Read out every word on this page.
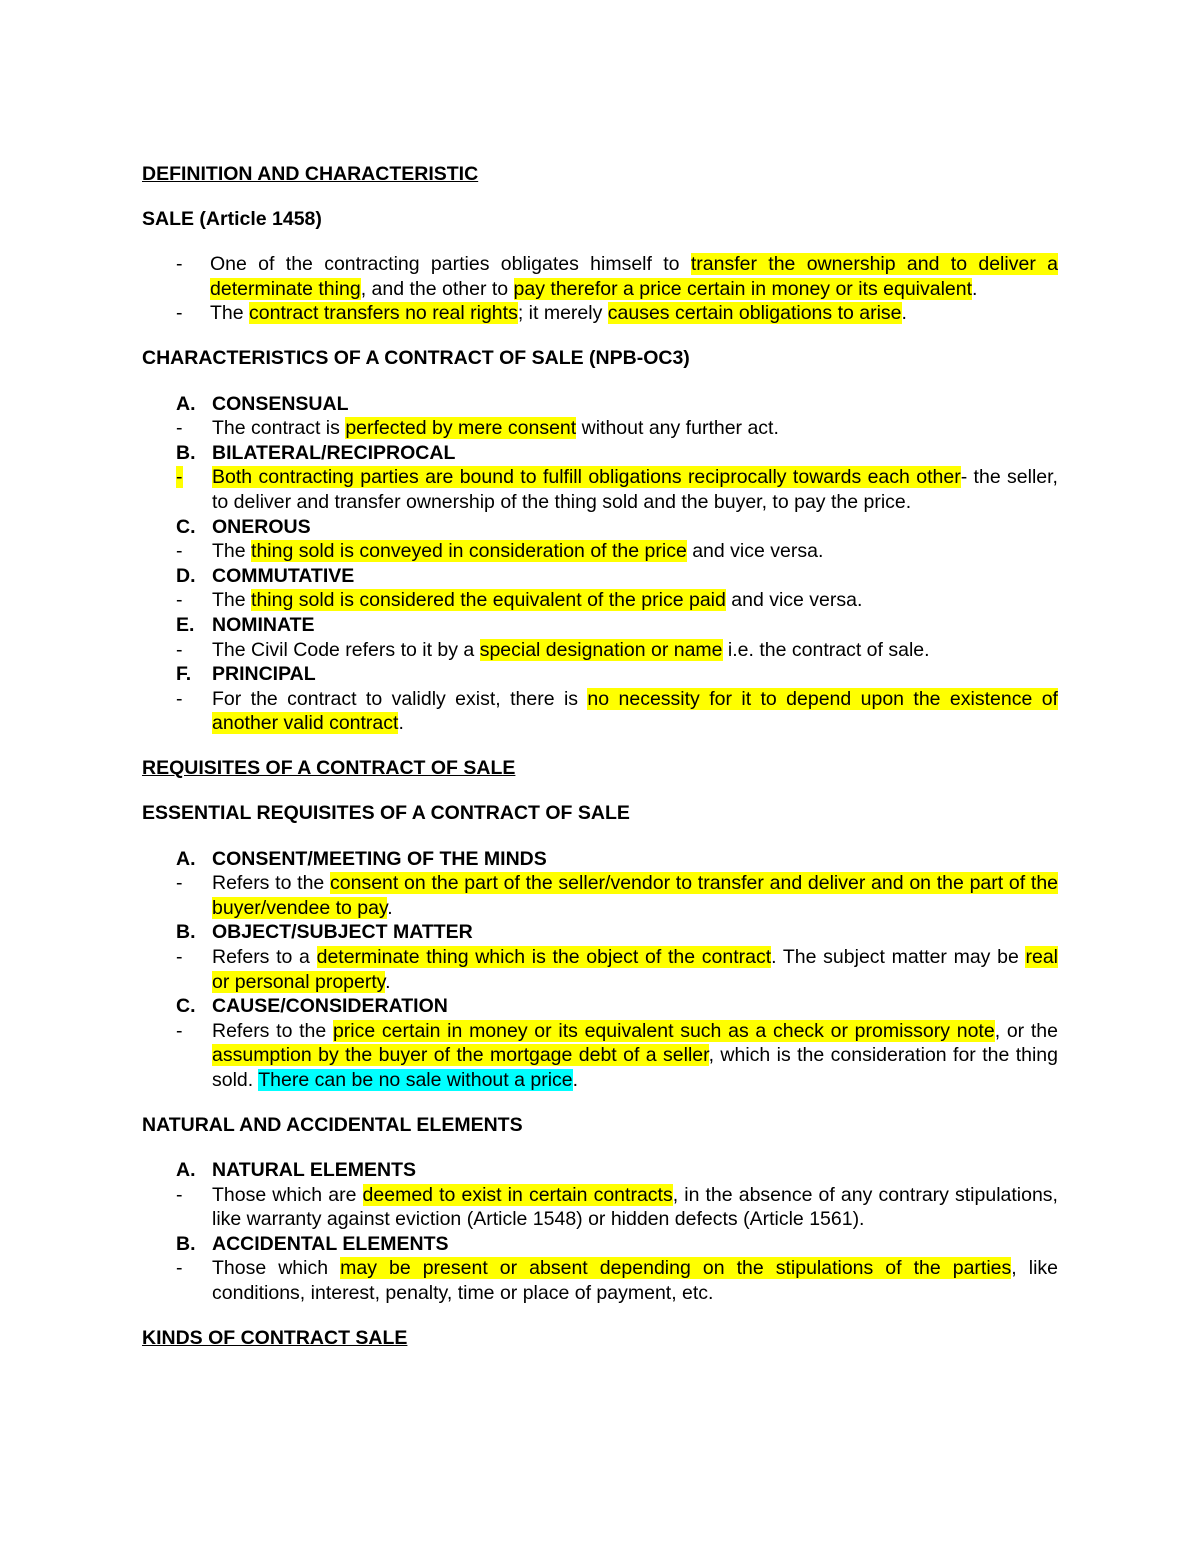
DEFINITION AND CHARACTERISTIC
SALE (Article 1458)
-	One of the contracting parties obligates himself to transfer the ownership and to deliver a determinate thing, and the other to pay therefor a price certain in money or its equivalent.
-	The contract transfers no real rights; it merely causes certain obligations to arise.
CHARACTERISTICS OF A CONTRACT OF SALE (NPB-OC3)
A. CONSENSUAL
-	The contract is perfected by mere consent without any further act.
B. BILATERAL/RECIPROCAL
-	Both contracting parties are bound to fulfill obligations reciprocally towards each other- the seller, to deliver and transfer ownership of the thing sold and the buyer, to pay the price.
C. ONEROUS
-	The thing sold is conveyed in consideration of the price and vice versa.
D. COMMUTATIVE
-	The thing sold is considered the equivalent of the price paid and vice versa.
E. NOMINATE
-	The Civil Code refers to it by a special designation or name i.e. the contract of sale.
F.	PRINCIPAL
-	For the contract to validly exist, there is no necessity for it to depend upon the existence of another valid contract.
REQUISITES OF A CONTRACT OF SALE
ESSENTIAL REQUISITES OF A CONTRACT OF SALE
A. CONSENT/MEETING OF THE MINDS
-	Refers to the consent on the part of the seller/vendor to transfer and deliver and on the part of the buyer/vendee to pay.
B. OBJECT/SUBJECT MATTER
-	Refers to a determinate thing which is the object of the contract. The subject matter may be real or personal property.
C. CAUSE/CONSIDERATION
-	Refers to the price certain in money or its equivalent such as a check or promissory note, or the assumption by the buyer of the mortgage debt of a seller, which is the consideration for the thing sold. There can be no sale without a price.
NATURAL AND ACCIDENTAL ELEMENTS
A. NATURAL ELEMENTS
-	Those which are deemed to exist in certain contracts, in the absence of any contrary stipulations, like warranty against eviction (Article 1548) or hidden defects (Article 1561).
B. ACCIDENTAL ELEMENTS
-	Those which may be present or absent depending on the stipulations of the parties, like conditions, interest, penalty, time or place of payment, etc.
KINDS OF CONTRACT SALE
